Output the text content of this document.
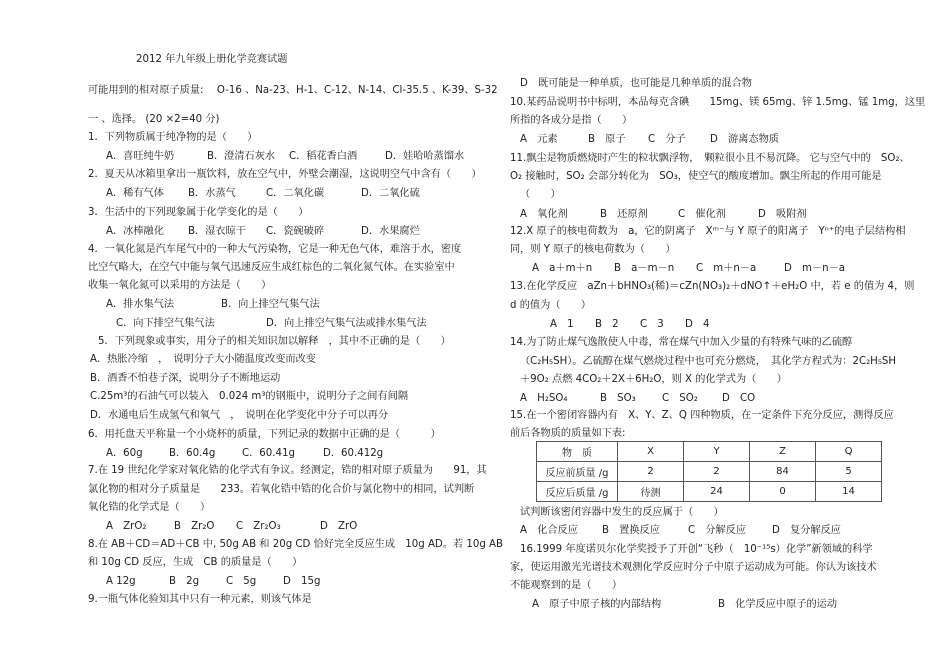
2012 年九年级上册化学竞赛试题
可能用到的相对原子质量:　 O-16 、Na-23、H-1、C-12、N-14、Cl-35.5 、K-39、S-32
一 、选择。 (20 ×2=40 分)
1．下列物质属于纯净物的是（　　）
A．喜旺纯牛奶	B．澄清石灰水 C．稻花香白酒	D．娃哈哈蒸馏水
2．夏天从冰箱里拿出一瓶饮料，放在空气中，外壁会潮湿，这说明空气中含有（　　）
A．稀有气体 B．水蒸气	C．二氧化碳	D．二氧化硫
3．生活中的下列现象属于化学变化的是（　　）
A．冰棒融化 B．湿衣晾干 C．瓷碗破碎	D．水果腐烂
4．一氧化氮是汽车尾气中的一种大气污染物，它是一种无色气体，难溶于水，密度
比空气略大，在空气中能与氧气迅速反应生成红棕色的二氧化氮气体。在实验室中
收集一氧化氮可以采用的方法是（　　）
A．排水集气法	B．向上排空气集气法
C．向下排空气集气法	D．向上排空气集气法或排水集气法
5．下列现象或事实，用分子的相关知识加以解释　，其中不正确的是（　　）
A．热胀冷缩　，　说明分子大小随温度改变而改变
B．酒香不怕巷子深，说明分子不断地运动
C.25m³的石油气可以装入　0.024 m³的钢瓶中，说明分子之间有间隔
D．水通电后生成氢气和氧气　，　说明在化学变化中分子可以再分
6．用托盘天平称量一个小烧杯的质量，下列记录的数据中正确的是（　　　）
A．60g	B．60.4g	C．60.41g	D．60.412g
7.在 19 世纪化学家对氧化锆的化学式有争议。经测定，锆的相对原子质量为　　91，其
氯化物的相对分子质量是　　233。若氧化锆中锆的化合价与氯化物中的相同，试判断
氧化锆的化学式是（　　）
A　ZrO₂	B　Zr₂O C　Zr₂O₃	D　ZrO
8.在 AB＋CD＝AD＋CB 中, 50g AB 和 20g CD 恰好完全反应生成　10g AD。若 10g AB
和 10g CD 反应，生成　CB 的质量是（　　）
A 12g	B　2g	C　5g	D　15g
9.一瓶气体化验知其中只有一种元素，则该气体是
D　既可能是一种单质，也可能是几种单质的混合物
10.某药品说明书中标明，本品每克含碘　　15mg、镁 65mg、锌 1.5mg、锰 1mg，这里
所指的各成分是指（　　）
A　元素	B　原子 C　分子 D　游离态物质
11.飘尘是物质燃烧时产生的粒状飘浮物，　颗粒很小且不易沉降。 它与空气中的　SO₂、
O₂ 接触时，SO₂ 会部分转化为　SO₃，使空气的酸度增加。飘尘所起的作用可能是
（　　）
A　氧化剂	B　还原剂	C　催化剂	D　吸附剂
12.X 原子的核电荷数为　a，它的阴离子　Xᵐ⁻与 Y 原子的阳离子　Yⁿ⁺的电子层结构相
同，则 Y 原子的核电荷数为（　　）
A　a＋m＋n B　a－m－n C　m＋n－a	D　m－n－a
13.在化学反应　aZn＋bHNO₃(稀)＝cZn(NO₃)₂＋dNO↑＋eH₂O 中，若 e 的值为 4，则
d 的值为（　　）
A　1 B　2 C　3 D　4
14.为了防止煤气逸散使人中毒，常在煤气中加入少量的有特殊气味的乙硫醇
（C₂H₅SH）。乙硫醇在煤气燃烧过程中也可充分燃烧，　其化学方程式为：2C₂H₅SH
＋9O₂ 点燃 4CO₂＋2X＋6H₂O，则 X 的化学式为（　　）
A　H₂SO₄	B　SO₃	C　SO₂ D　CO
15.在一个密闭容器内有　X、Y、Z、Q 四种物质，在一定条件下充分反应，测得反应
前后各物质的质量如下表:
物　质	X	Y	Z	Q
反应前质量 /g	2	2	84	5
反应后质量 /g	待测	24	0	14
试判断该密闭容器中发生的反应属于（　　）
A　化合反应 B　置换反应	C　分解反应	D　复分解反应
16.1999 年度诺贝尔化学奖授予了开创“飞秒（　10⁻¹⁵s）化学”新领域的科学
家，使运用激光光谱技术观测化学反应时分子中原子运动成为可能。你认为该技术
不能观察到的是（　　）
A　原子中原子核的内部结构	B　化学反应中原子的运动
